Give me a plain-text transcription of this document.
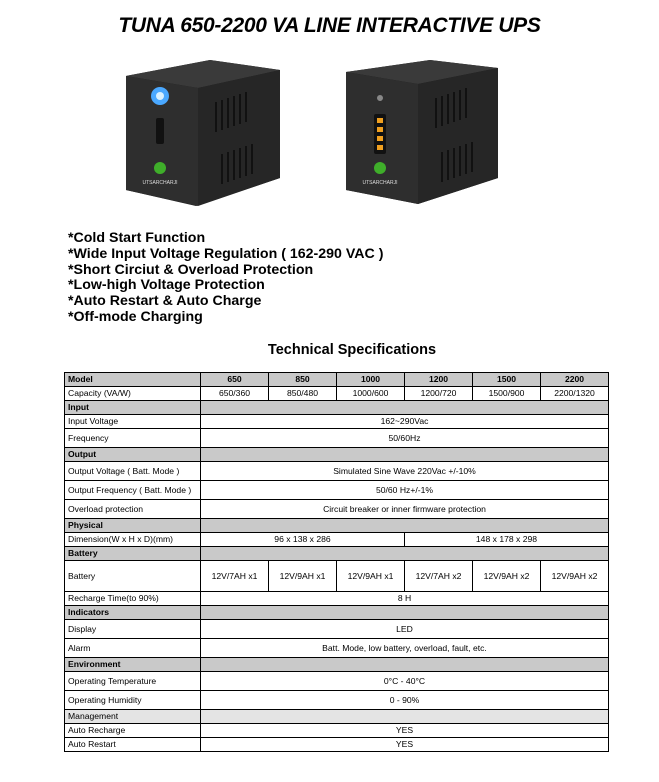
TUNA 650-2200 VA LINE INTERACTIVE UPS
UTSARCHARJI	UTSARCHARJI
*Cold Start Function
*Wide Input Voltage Regulation ( 162-290 VAC )
*Short Circiut & Overload Protection
*Low-high Voltage Protection
*Auto Restart & Auto Charge
*Off-mode Charging
Technical Specifications
Model	650	850	1000	1200	1500	2200
Capacity (VA/W)	650/360	850/480	1000/600	1200/720	1500/900	2200/1320
Input						
Input Voltage	162~290Vac					
Frequency	50/60Hz					
Output						
Output Voltage ( Batt. Mode )	Simulated Sine Wave 220Vac +/-10%					
Output Frequency ( Batt. Mode )	50/60 Hz+/-1%					
Overload protection	Circuit breaker or inner firmware protection					
Physical						
Dimension(W x H x D)(mm)	96 x 138 x 286			148 x 178 x 298		
Battery						
Battery	12V/7AH x1	12V/9AH x1	12V/9AH x1	12V/7AH x2	12V/9AH x2	12V/9AH x2
Recharge Time(to 90%)	8 H					
Indicators						
Display	LED					
Alarm	Batt. Mode, low battery, overload, fault, etc.					
Environment						
Operating Temperature	0°C - 40°C					
Operating Humidity	0 - 90%					
Management						
Auto Recharge	YES					
Auto Restart	YES					
